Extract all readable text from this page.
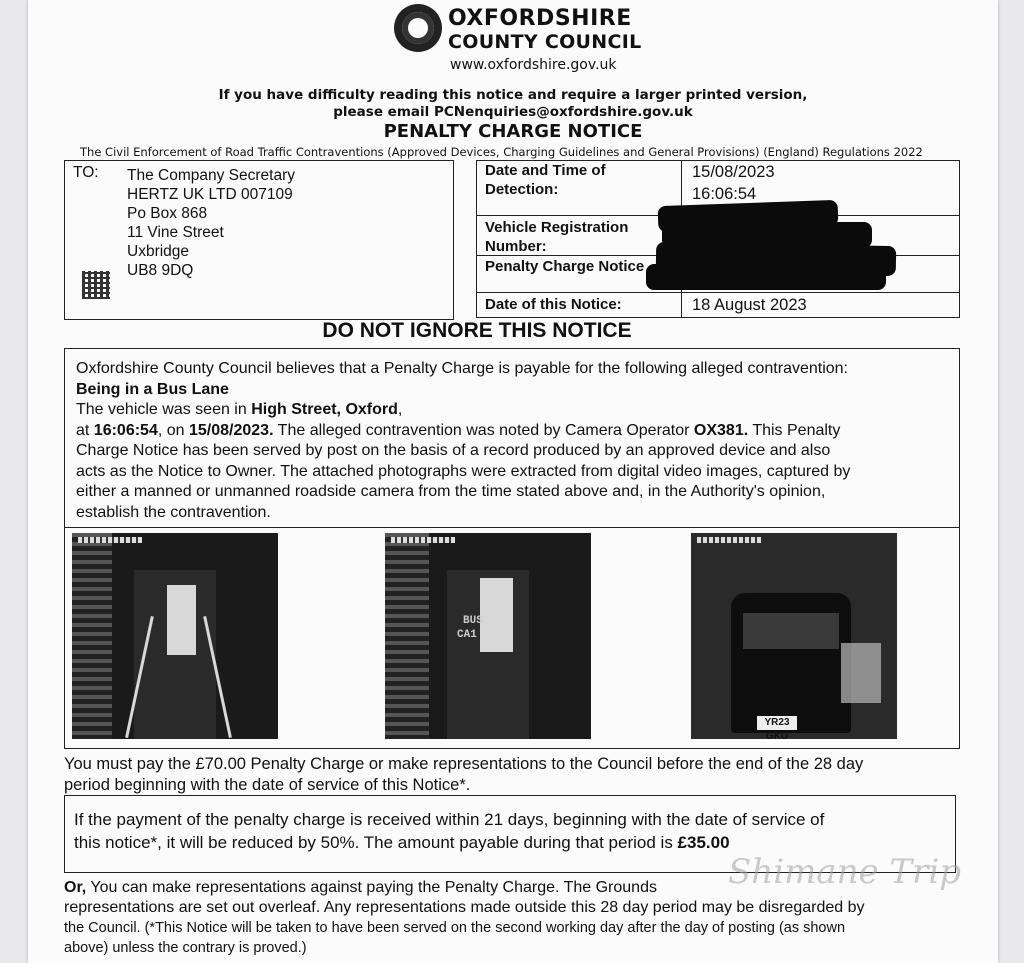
OXFORDSHIRE
COUNTY COUNCIL
www.oxfordshire.gov.uk
If you have difficulty reading this notice and require a larger printed version,
please email PCNenquiries@oxfordshire.gov.uk
PENALTY CHARGE NOTICE
The Civil Enforcement of Road Traffic Contraventions (Approved Devices, Charging Guidelines and General Provisions) (England) Regulations 2022
TO: The Company Secretary
HERTZ UK LTD 007109
Po Box 868
11 Vine Street
Uxbridge
UB8 9DQ
Date and Time of
Detection:
15/08/2023
16:06:54
Vehicle Registration
Number:
Penalty Charge Notice
Date of this Notice:	18 August 2023
DO NOT IGNORE THIS NOTICE
Oxfordshire County Council believes that a Penalty Charge is payable for the following alleged contravention:
Being in a Bus Lane
The vehicle was seen in High Street, Oxford,
at 16:06:54, on 15/08/2023. The alleged contravention was noted by Camera Operator OX381. This Penalty
Charge Notice has been served by post on the basis of a record produced by an approved device and also
acts as the Notice to Owner. The attached photographs were extracted from digital video images, captured by
either a manned or unmanned roadside camera from the time stated above and, in the Authority's opinion,
establish the contravention.
BUS
CA1
YR23 GKU
You must pay the £70.00 Penalty Charge or make representations to the Council before the end of the 28 day
period beginning with the date of service of this Notice*.
If the payment of the penalty charge is received within 21 days, beginning with the date of service of
this notice*, it will be reduced by 50%. The amount payable during that period is £35.00
Or, You can make representations against paying the Penalty Charge. The Grounds
representations are set out overleaf. Any representations made outside this 28 day period may be disregarded by
the Council. (*This Notice will be taken to have been served on the second working day after the day of posting (as shown
above) unless the contrary is proved.)
Shimane Trip
